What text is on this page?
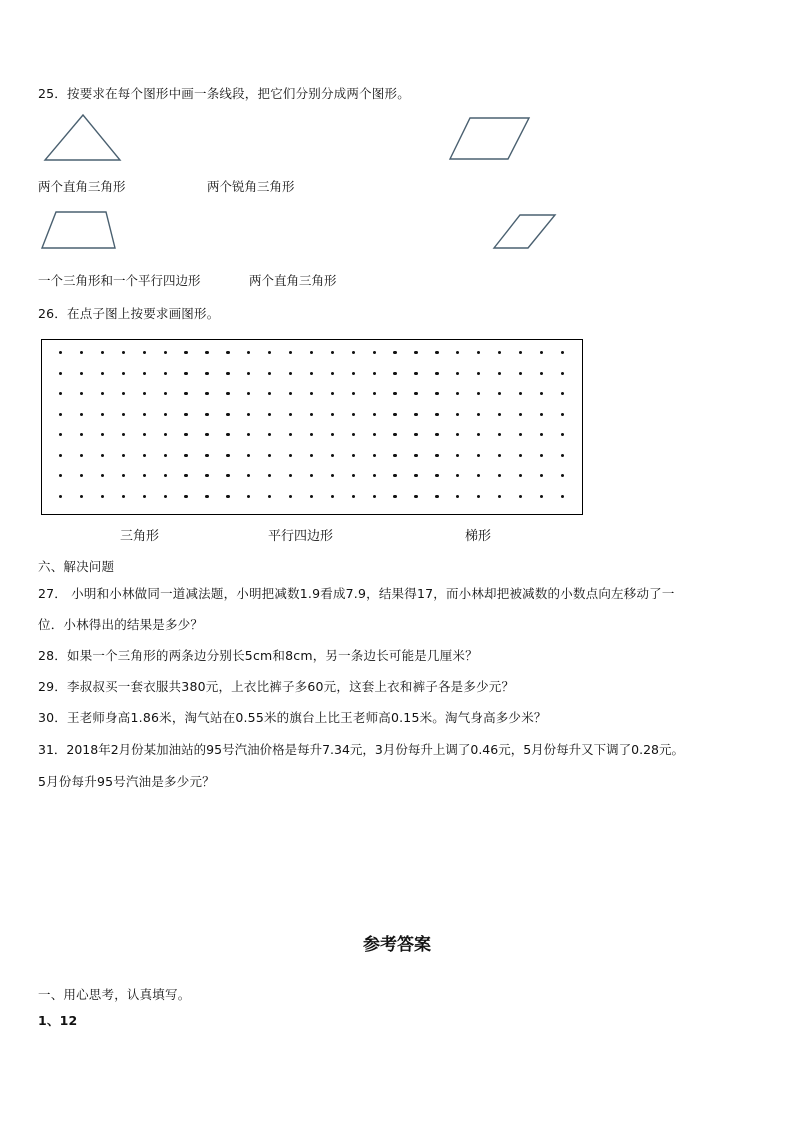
25．按要求在每个图形中画一条线段，把它们分别分成两个图形。
两个直角三角形	两个锐角三角形
一个三角形和一个平行四边形	两个直角三角形
26．在点子图上按要求画图形。
三角形	平行四边形	梯形
六、解决问题
27． 小明和小林做同一道减法题，小明把减数1.9看成7.9，结果得17，而小林却把被减数的小数点向左移动了一
位．小林得出的结果是多少？
28．如果一个三角形的两条边分别长5cm和8cm，另一条边长可能是几厘米？
29．李叔叔买一套衣服共380元，上衣比裤子多60元，这套上衣和裤子各是多少元？
30．王老师身高1.86米，淘气站在0.55米的旗台上比王老师高0.15米。淘气身高多少米？
31．2018年2月份某加油站的95号汽油价格是每升7.34元，3月份每升上调了0.46元，5月份每升又下调了0.28元。
5月份每升95号汽油是多少元？
参考答案
一、用心思考，认真填写。
1、12
